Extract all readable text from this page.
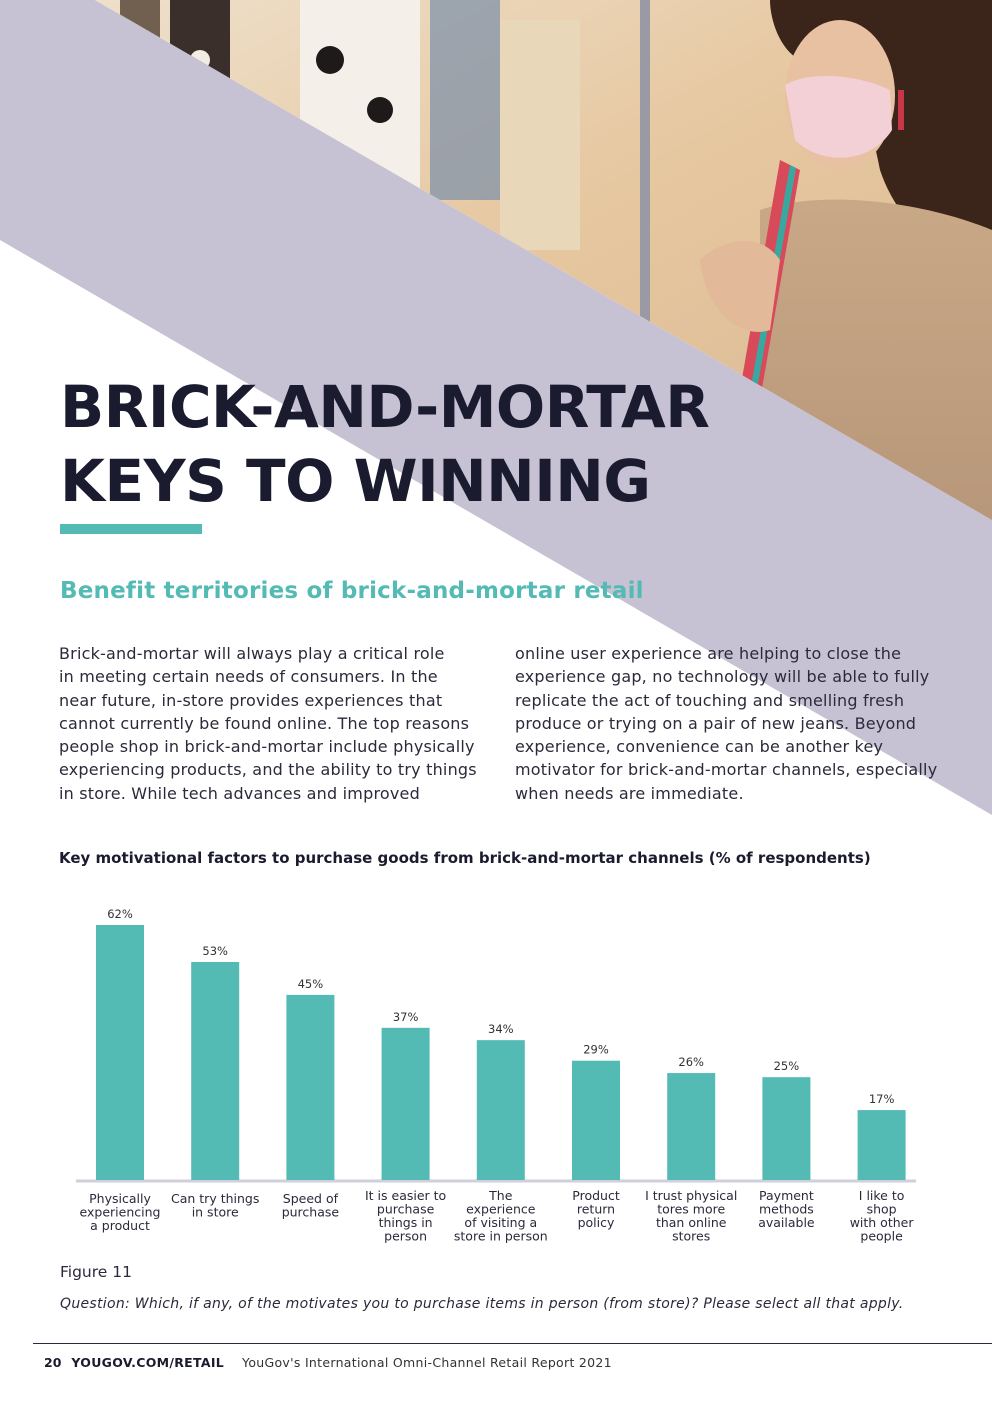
BRICK-AND-MORTAR
KEYS TO WINNING
Benefit territories of brick-and-mortar retail
Brick-and-mortar will always play a critical role
in meeting certain needs of consumers. In the
near future, in-store provides experiences that
cannot currently be found online. The top reasons
people shop in brick-and-mortar include physically
experiencing products, and the ability to try things
in store. While tech advances and improved
online user experience are helping to close the
experience gap, no technology will be able to fully
replicate the act of touching and smelling fresh
produce or trying on a pair of new jeans. Beyond
experience, convenience can be another key
motivator for brick-and-mortar channels, especially
when needs are immediate.
Key motivational factors to purchase goods from brick-and-mortar channels (% of respondents)
62%
Physically
experiencing
a product
53%
Can try things
in store
45%
Speed of
purchase
37%
It is easier to
purchase
things in
person
34%
The
experience
of visiting a
store in person
29%
Product
return
policy
26%
I trust physical
tores more
than online
stores
25%
Payment
methods
available
17%
I like to
shop
with other
people
Figure 11
Question: Which, if any, of the motivates you to purchase items in person (from store)? Please select all that apply.
20 YOUGOV.COM/RETAIL YouGov's International Omni-Channel Retail Report 2021
